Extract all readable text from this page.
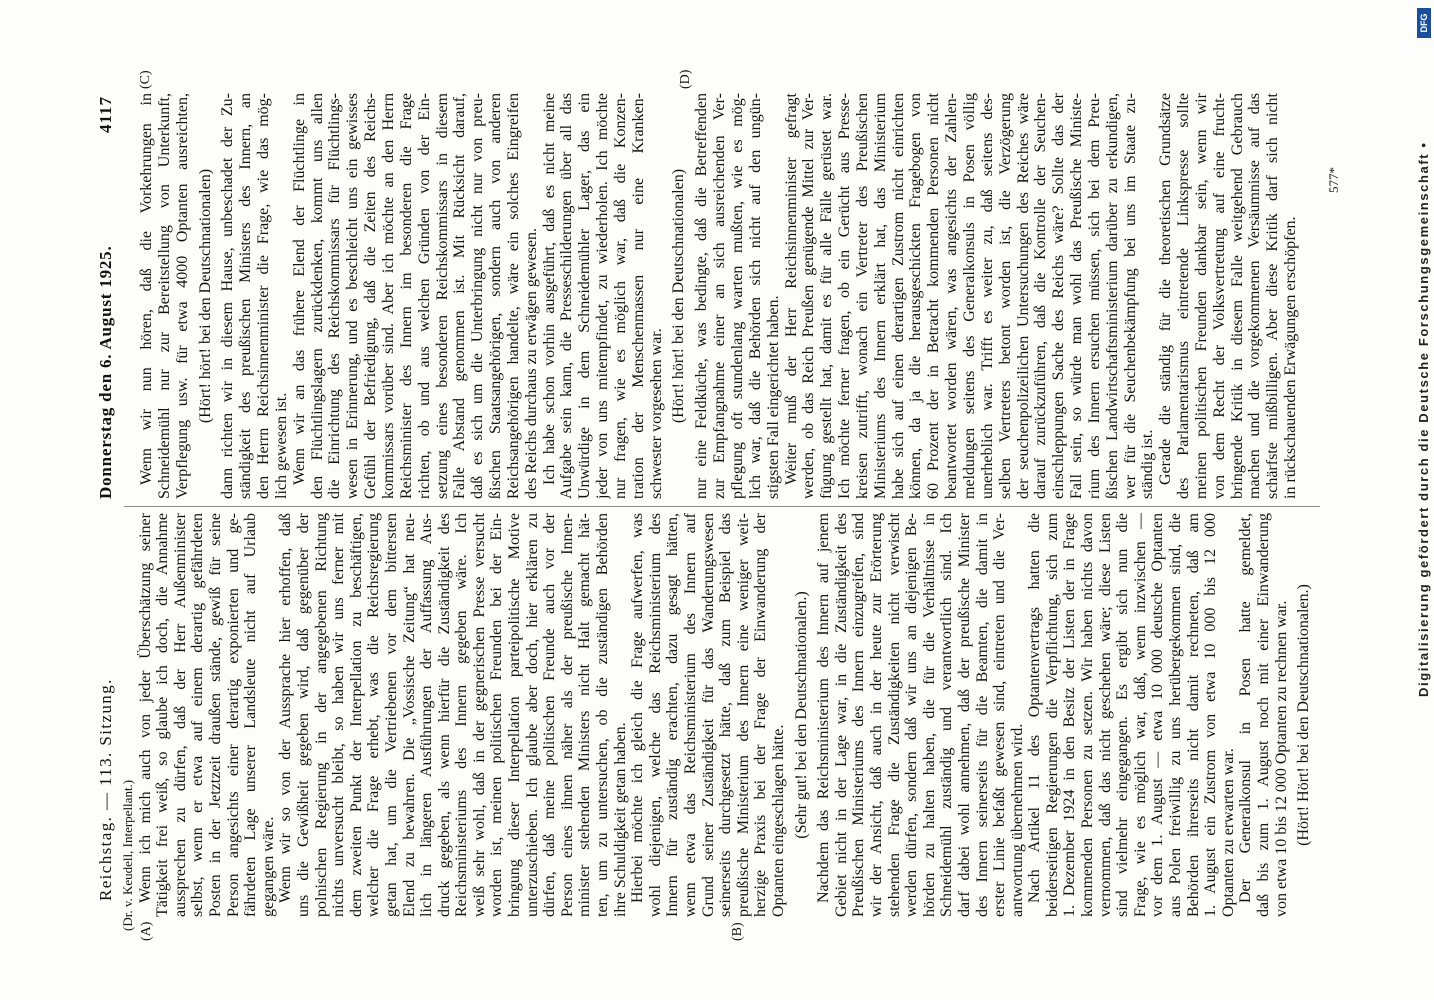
Reichstag. — 113. Sitzung.
Donnerstag den 6. August 1925.
4117
(A)	(B)
(C)	(D)
(Dr. v. Keudell, Interpellant.) Wenn ich mich auch von jeder Überschätzung seiner Tätigkeit frei weiß, so glaube ich doch, die Annahme aussprechen zu dürfen, daß der Herr Außenminister selbst, wenn er etwa auf einem derartig gefährdeten Posten in der Jetztzeit draußen stände, gewiß für seine Person angesichts einer derartig exponierten und ge- fährdeten Lage unserer Landsleute nicht auf Urlaub gegangen wäre. Wenn wir so von der Aussprache hier erhoffen, daß uns die Gewißheit gegeben wird, daß gegenüber der polnischen Regierung in der angegebenen Richtung nichts unversucht bleibt, so haben wir uns ferner mit dem zweiten Punkt der Interpellation zu beschäftigen, welcher die Frage erhebt, was die Reichsregierung getan hat, um die Vertriebenen vor dem bittersten Elend zu bewahren. Die „Vossische Zeitung“ hat neu- lich in längeren Ausführungen der Auffassung Aus- druck gegeben, als wenn hierfür die Zuständigkeit des Reichsministeriums des Innern gegeben wäre. Ich weiß sehr wohl, daß in der gegnerischen Presse versucht worden ist, meinen politischen Freunden bei der Ein- bringung dieser Interpellation parteipolitische Motive unterzuschieben. Ich glaube aber doch, hier erklären zu dürfen, daß meine politischen Freunde auch vor der Person eines ihnen näher als der preußische Innen- minister stehenden Ministers nicht Halt gemacht hät- ten, um zu untersuchen, ob die zuständigen Behörden ihre Schuldigkeit getan haben. Hierbei möchte ich gleich die Frage aufwerfen, was wohl diejenigen, welche das Reichsministerium des Innern für zuständig erachten, dazu gesagt hätten, wenn etwa das Reichsministerium des Innern auf Grund seiner Zuständigkeit für das Wanderungswesen seinerseits durchgesetzt hätte, daß zum Beispiel das preußische Ministerium des Innern eine weniger weit- herzige Praxis bei der Frage der Einwanderung der Optanten eingeschlagen hätte. (Sehr gut! bei den Deutschnationalen.) Nachdem das Reichsministerium des Innern auf jenem Gebiet nicht in der Lage war, in die Zuständigkeit des Preußischen Ministeriums des Innern einzugreifen, sind wir der Ansicht, daß auch in der heute zur Erörterung stehenden Frage die Zuständigkeiten nicht verwischt werden dürfen, sondern daß wir uns an diejenigen Be- hörden zu halten haben, die für die Verhältnisse in Schneidemühl zuständig und verantwortlich sind. Ich darf dabei wohl annehmen, daß der preußische Minister des Innern seinerseits für die Beamten, die damit in erster Linie befaßt gewesen sind, eintreten und die Ver- antwortung übernehmen wird. Nach Artikel 11 des Optantenvertrags hatten die beiderseitigen Regierungen die Verpflichtung, sich zum 1. Dezember 1924 in den Besitz der Listen der in Frage kommenden Personen zu setzen. Wir haben nichts davon vernommen, daß das nicht geschehen wäre; diese Listen sind vielmehr eingegangen. Es ergibt sich nun die Frage, wie es möglich war, daß, wenn inzwischen — vor dem 1. August — etwa 10 000 deutsche Optanten aus Polen freiwillig zu uns herübergekommen sind, die Behörden ihrerseits nicht damit rechneten, daß am 1. August ein Zustrom von etwa 10 000 bis 12 000 Optanten zu erwarten war. Der Generalkonsul in Posen hatte gemeldet, daß bis zum 1. August noch mit einer Einwanderung von etwa 10 bis 12 000 Optanten zu rechnen war. (Hört! Hört! bei den Deutschnationalen.)
Wenn wir nun hören, daß die Vorkehrungen in Schneidemühl nur zur Bereitstellung von Unterkunft, Verpflegung usw. für etwa 4000 Optanten ausreichten, (Hört! hört! bei den Deutschnationalen) dann richten wir in diesem Hause, unbeschadet der Zu- ständigkeit des preußischen Ministers des Innern, an den Herrn Reichsinnenminister die Frage, wie das mög- lich gewesen ist. Wenn wir an das frühere Elend der Flüchtlinge in den Flüchtlingslagern zurückdenken, kommt uns allen die Einrichtung des Reichskommissars für Flüchtlings- wesen in Erinnerung, und es beschleicht uns ein gewisses Gefühl der Befriedigung, daß die Zeiten des Reichs- kommissars vorüber sind. Aber ich möchte an den Herrn Reichsminister des Innern im besonderen die Frage richten, ob und aus welchen Gründen von der Ein- setzung eines besonderen Reichskommissars in diesem Falle Abstand genommen ist. Mit Rücksicht darauf, daß es sich um die Unterbringung nicht nur von preu- ßischen Staatsangehörigen, sondern auch von anderen Reichsangehörigen handelte, wäre ein solches Eingreifen des Reichs durchaus zu erwägen gewesen. Ich habe schon vorhin ausgeführt, daß es nicht meine Aufgabe sein kann, die Presseschilderungen über all das Unwürdige in dem Schneidemühler Lager, das ein jeder von uns mitempfindet, zu wiederholen. Ich möchte nur fragen, wie es möglich war, daß die Konzen- tration der Menschenmassen nur eine Kranken- schwester vorgesehen war. (Hört! hört! bei den Deutschnationalen) nur eine Feldküche, was bedingte, daß die Betreffenden zur Empfangnahme einer an sich ausreichenden Ver- pflegung oft stundenlang warten mußten, wie es mög- lich war, daß die Behörden sich nicht auf den ungün- stigsten Fall eingerichtet haben. Weiter muß der Herr Reichsinnenminister gefragt werden, ob das Reich Preußen genügende Mittel zur Ver- fügung gestellt hat, damit es für alle Fälle gerüstet war. Ich möchte ferner fragen, ob ein Gerücht aus Presse- kreisen zutrifft, wonach ein Vertreter des Preußischen Ministeriums des Innern erklärt hat, das Ministerium habe sich auf einen derartigen Zustrom nicht einrichten können, da ja die herausgeschickten Fragebogen von 60 Prozent der in Betracht kommenden Personen nicht beantwortet worden wären, was angesichts der Zahlen- meldungen seitens des Generalkonsuls in Posen völlig unerheblich war. Trifft es weiter zu, daß seitens des- selben Vertreters betont worden ist, die Verzögerung der seuchenpolizeilichen Untersuchungen des Reiches wäre darauf zurückzuführen, daß die Kontrolle der Seuchen- einschleppungen Sache des Reichs wäre? Sollte das der Fall sein, so würde man wohl das Preußische Ministe- rium des Innern ersuchen müssen, sich bei dem Preu- ßischen Landwirtschaftsministerium darüber zu erkundigen, wer für die Seuchenbekämpfung bei uns im Staate zu- ständig ist. Gerade die ständig für die theoretischen Grundsätze des Parlamentarismus eintretende Linkspresse sollte meinen politischen Freunden dankbar sein, wenn wir von dem Recht der Volksvertretung auf eine frucht- bringende Kritik in diesem Falle weitgehend Gebrauch machen und die vorgekommenen Versäumnisse auf das schärfste mißbilligen. Aber diese Kritik darf sich nicht in rückschauenden Erwägungen erschöpfen.
577*	Digitalisierung gefördert durch die Deutsche Forschungsgemeinschaft •
DFG
